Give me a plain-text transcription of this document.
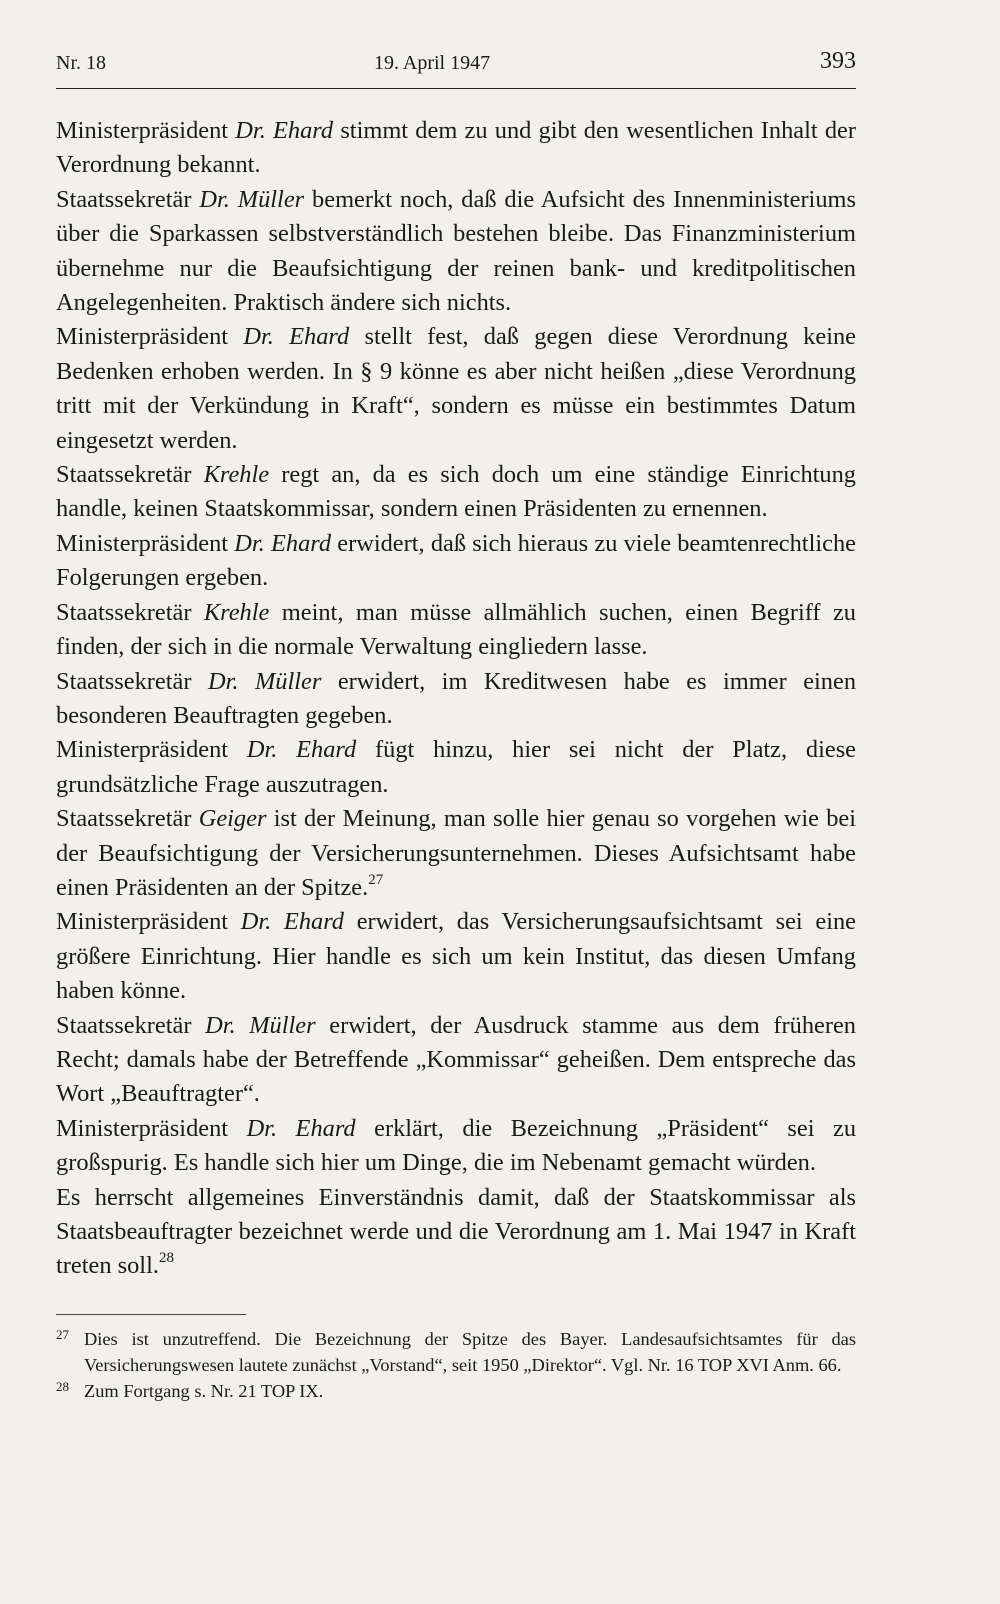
Nr. 18	19. April 1947	393

Ministerpräsident Dr. Ehard stimmt dem zu und gibt den wesentlichen Inhalt der Verordnung bekannt.

Staatssekretär Dr. Müller bemerkt noch, daß die Aufsicht des Innenministeriums über die Sparkassen selbstverständlich bestehen bleibe. Das Finanzministerium übernehme nur die Beaufsichtigung der reinen bank- und kreditpolitischen Angelegenheiten. Praktisch ändere sich nichts.

Ministerpräsident Dr. Ehard stellt fest, daß gegen diese Verordnung keine Bedenken erhoben werden. In § 9 könne es aber nicht heißen „diese Verordnung tritt mit der Verkündung in Kraft“, sondern es müsse ein bestimmtes Datum eingesetzt werden.

Staatssekretär Krehle regt an, da es sich doch um eine ständige Einrichtung handle, keinen Staatskommissar, sondern einen Präsidenten zu ernennen.

Ministerpräsident Dr. Ehard erwidert, daß sich hieraus zu viele beamtenrechtliche Folgerungen ergeben.

Staatssekretär Krehle meint, man müsse allmählich suchen, einen Begriff zu finden, der sich in die normale Verwaltung eingliedern lasse.

Staatssekretär Dr. Müller erwidert, im Kreditwesen habe es immer einen besonderen Beauftragten gegeben.

Ministerpräsident Dr. Ehard fügt hinzu, hier sei nicht der Platz, diese grundsätzliche Frage auszutragen.

Staatssekretär Geiger ist der Meinung, man solle hier genau so vorgehen wie bei der Beaufsichtigung der Versicherungsunternehmen. Dieses Aufsichtsamt habe einen Präsidenten an der Spitze.$^{27}$

Ministerpräsident Dr. Ehard erwidert, das Versicherungsaufsichtsamt sei eine größere Einrichtung. Hier handle es sich um kein Institut, das diesen Umfang haben könne.

Staatssekretär Dr. Müller erwidert, der Ausdruck stamme aus dem früheren Recht; damals habe der Betreffende „Kommissar“ geheißen. Dem entspreche das Wort „Beauftragter“.

Ministerpräsident Dr. Ehard erklärt, die Bezeichnung „Präsident“ sei zu großspurig. Es handle sich hier um Dinge, die im Nebenamt gemacht würden.

Es herrscht allgemeines Einverständnis damit, daß der Staatskommissar als Staatsbeauftragter bezeichnet werde und die Verordnung am 1. Mai 1947 in Kraft treten soll.$^{28}$

27 Dies ist unzutreffend. Die Bezeichnung der Spitze des Bayer. Landesaufsichtsamtes für das Versicherungswesen lautete zunächst „Vorstand“, seit 1950 „Direktor“. Vgl. Nr. 16 TOP XVI Anm. 66.

28 Zum Fortgang s. Nr. 21 TOP IX.
